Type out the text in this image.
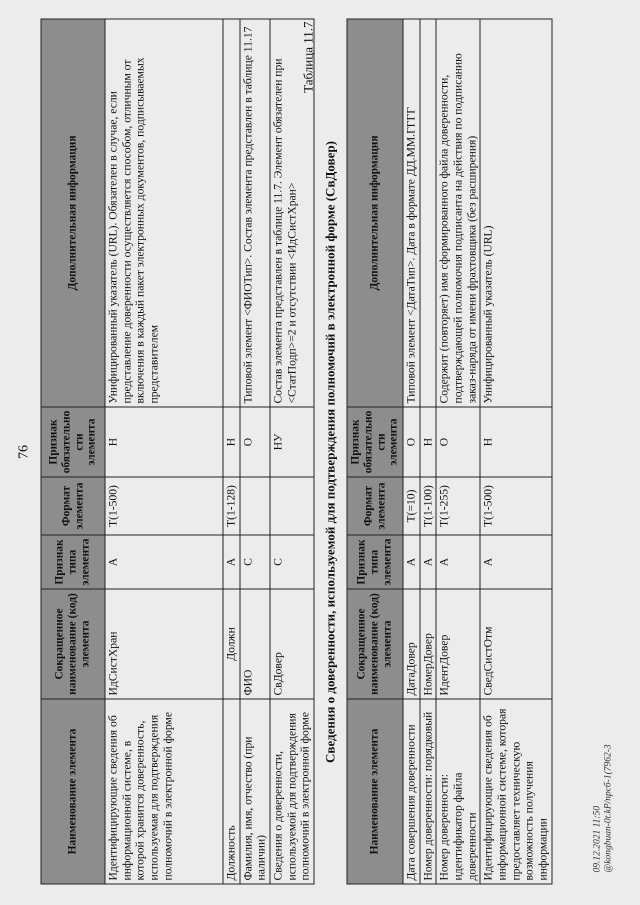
76
Наименование элемента	Сокращенное наименование (код) элемента	Признак типа элемента	Формат элемента	Признак обязательности элемента	Дополнительная информация
Идентифицирующие сведения об информационной системе, в которой хранится доверенность, используемая для подтверждения полномочий в электронной форме	ИдСистХран	А	T(1-500)	Н	Унифицированный указатель (URL). Обязателен в случае, если представление доверенности осуществляется способом, отличным от включения в каждый пакет электронных документов, подписываемых представителем
Должность	Должн	А	T(1-128)	Н	
Фамилия, имя, отчество (при наличии)	ФИО	С		О	Типовой элемент <ФИОТип>. Состав элемента представлен в таблице 11.17
Сведения о доверенности, используемой для подтверждения полномочий в электронной форме	СвДовер	С		НУ	Состав элемента представлен в таблице 11.7. Элемент обязателен при <СтатПодп>=2 и отсутствии <ИдСистХран>
Таблица 11.7
Сведения о доверенности, используемой для подтверждения полномочий в электронной форме (СвДовер)
Наименование элемента	Сокращенное наименование (код) элемента	Признак типа элемента	Формат элемента	Признак обязательности элемента	Дополнительная информация
Дата совершения доверенности	ДатаДовер	А	T(=10)	О	Типовой элемент <ДатаТип>. Дата в формате ДД.ММ.ГГГГ
Номер доверенности: порядковый	НомерДовер	А	T(1-100)	Н	
Номер доверенности: идентификатор файла доверенности	ИдентДовер	А	T(1-255)	О	Содержит (повторяет) имя сформированного файла доверенности, подтверждающей полномочия подписанта на действия по подписанию заказ-наряда от имени фрахтовщика (без расширения)
Идентифицирующие сведения об информационной системе, которая предоставляет техническую возможность получения информации	СведСистОтм	А	T(1-500)	Н	Унифицированный указатель (URL)
09.12.2021 11:50 @kongbuan-0t.kP/прсб-1(7962-3
